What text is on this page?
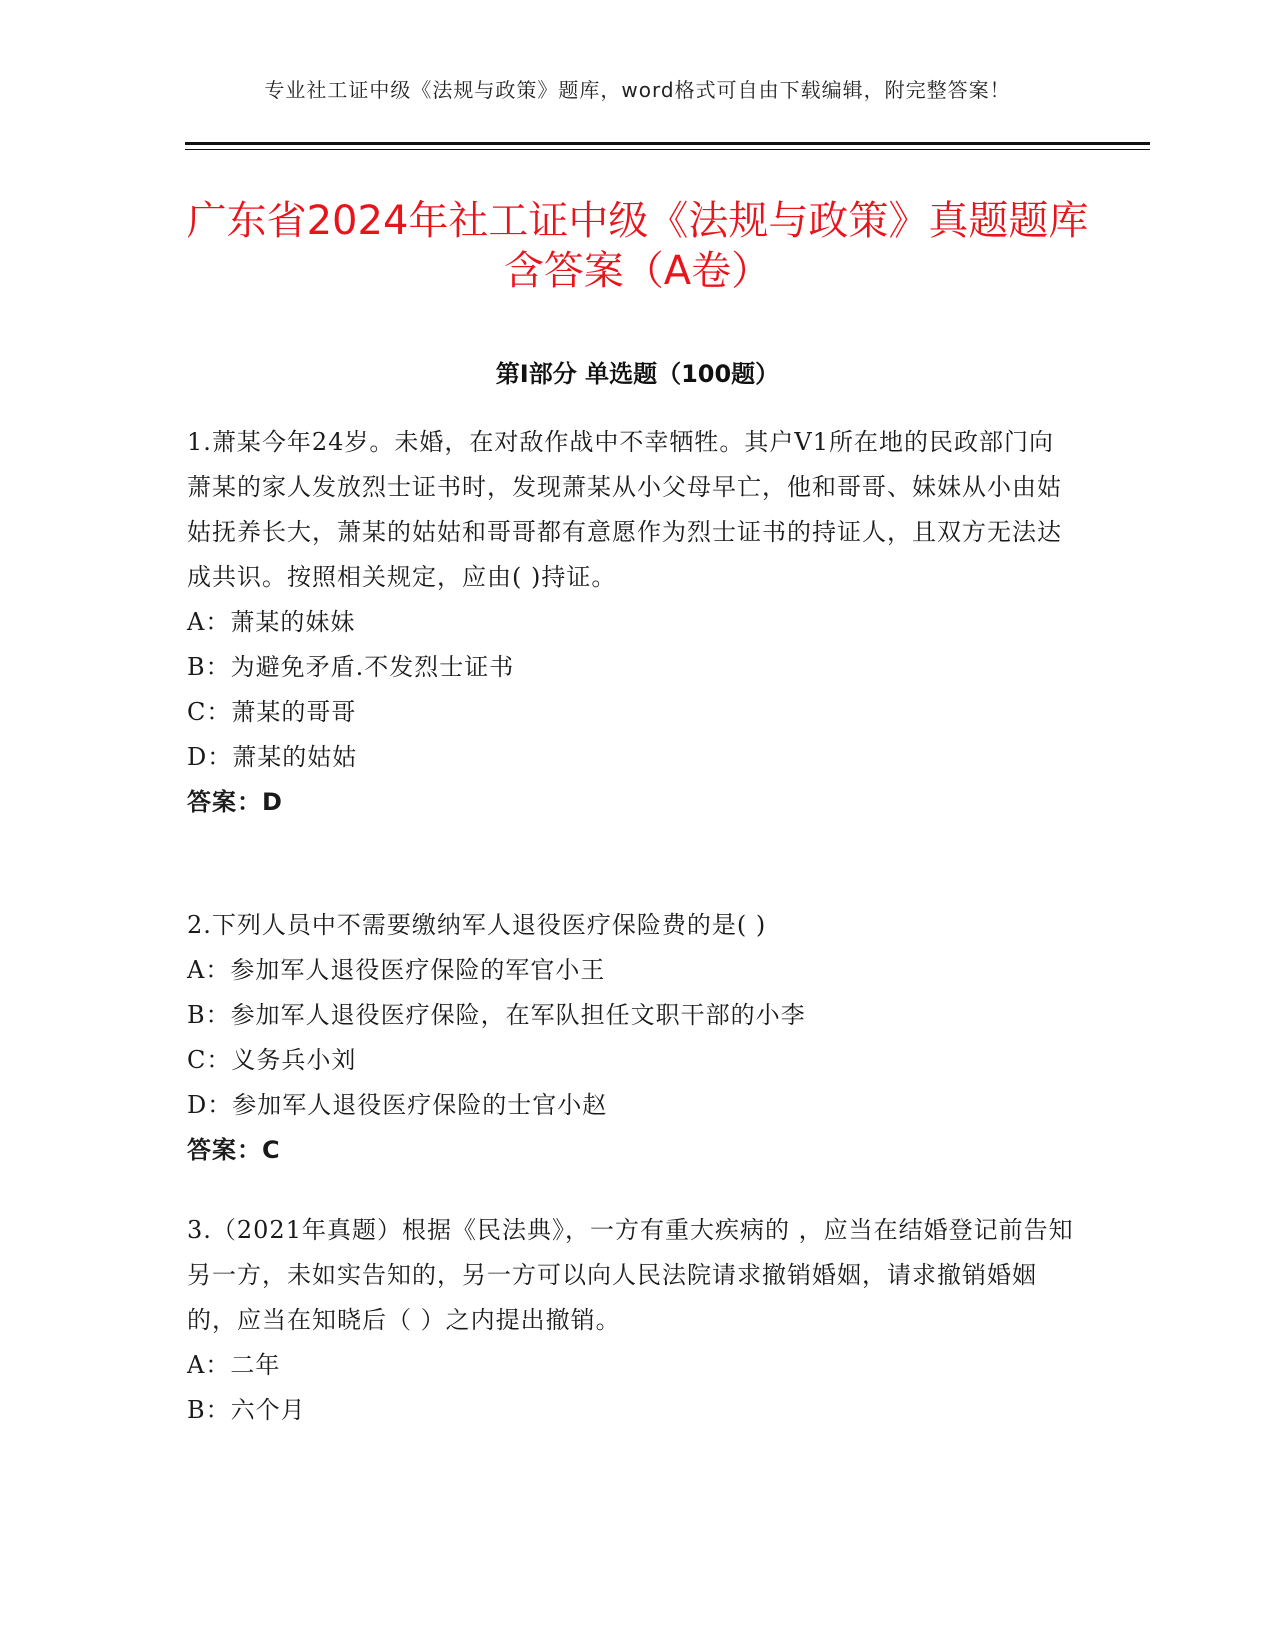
专业社工证中级《法规与政策》题库，word格式可自由下载编辑，附完整答案！
广东省2024年社工证中级《法规与政策》真题题库含答案（A卷）
第Ⅰ部分 单选题（100题）

1.萧某今年24岁。未婚，在对敌作战中不幸牺牲。其户V1所在地的民政部门向萧某的家人发放烈士证书时，发现萧某从小父母早亡，他和哥哥、妹妹从小由姑姑抚养长大，萧某的姑姑和哥哥都有意愿作为烈士证书的持证人，且双方无法达成共识。按照相关规定，应由( )持证。

A：萧某的妹妹
B：为避免矛盾.不发烈士证书
C：萧某的哥哥
D：萧某的姑姑
答案：D

2.下列人员中不需要缴纳军人退役医疗保险费的是( )

A：参加军人退役医疗保险的军官小王
B：参加军人退役医疗保险，在军队担任文职干部的小李
C：义务兵小刘
D：参加军人退役医疗保险的士官小赵
答案：C

3.（2021年真题）根据《民法典》，一方有重大疾病的 ，应当在结婚登记前告知另一方，未如实告知的，另一方可以向人民法院请求撤销婚姻，请求撤销婚姻的，应当在知晓后（ ）之内提出撤销。

A：二年
B：六个月
